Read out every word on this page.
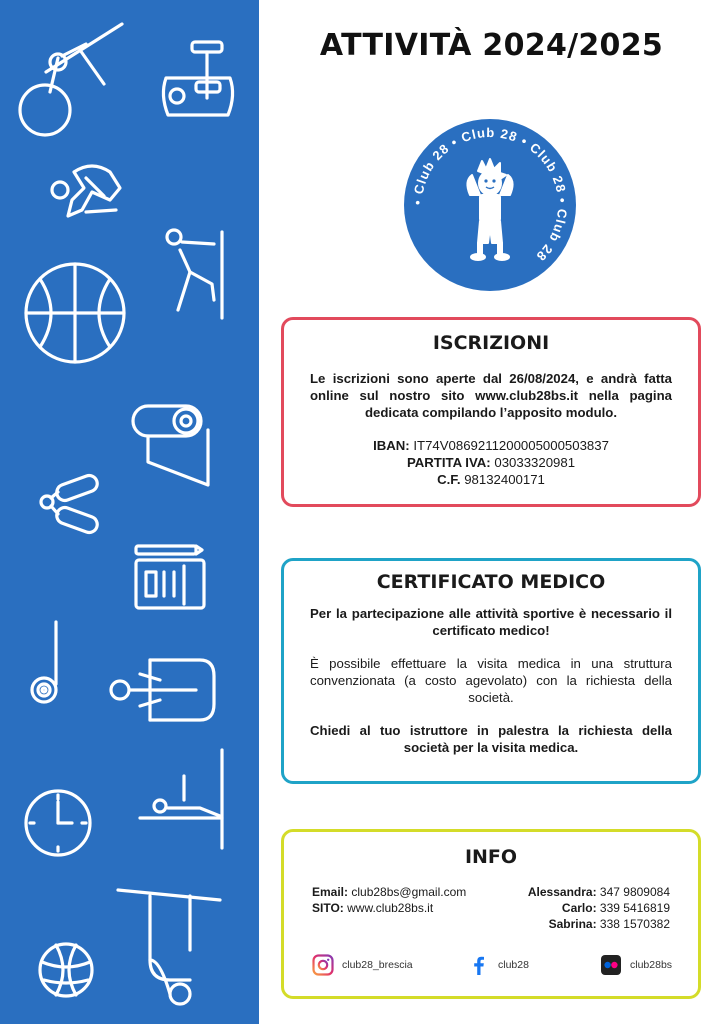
ATTIVITÀ 2024/2025
• Club 28 • Club 28 • Club 28 • Club 28
ISCRIZIONI

Le iscrizioni sono aperte dal 26/08/2024, e andrà fatta online sul nostro sito www.club28bs.it nella pagina dedicata compilando l’apposito modulo.

IBAN: IT74V0869211200005000503837

PARTITA IVA: 03033320981

C.F. 98132400171

CERTIFICATO MEDICO

Per la partecipazione alle attività sportive è necessario il certificato medico!

È possibile effettuare la visita medica in una struttura convenzionata (a costo agevolato) con la richiesta della società.

Chiedi al tuo istruttore in palestra la richiesta della società per la visita medica.

INFO
Email: club28bs@gmail.com
SITO: www.club28bs.it
Alessandra: 347 9809084
Carlo: 339 5416819
Sabrina: 338 1570382
club28_brescia	club28	club28bs
